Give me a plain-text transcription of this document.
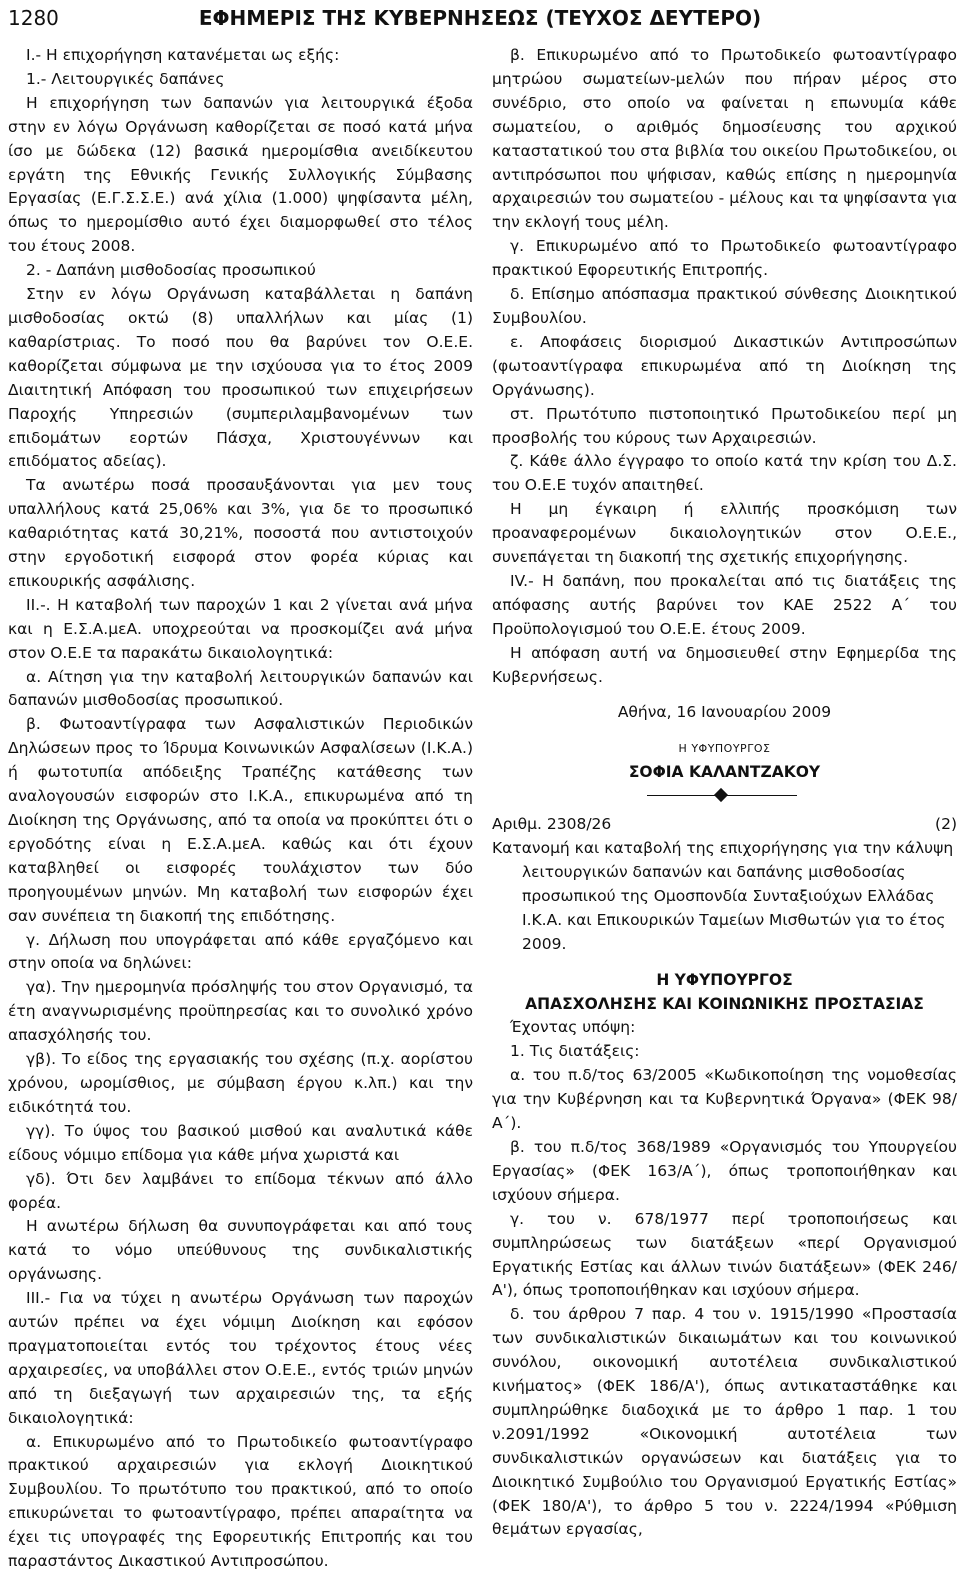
1280	ΕΦΗΜΕΡΙΣ ΤΗΣ ΚΥΒΕΡΝΗΣΕΩΣ (ΤΕΥΧΟΣ ΔΕΥΤΕΡΟ)

Ι.- Η επιχορήγηση κατανέμεται ως εξής:

1.- Λειτουργικές δαπάνες

Η επιχορήγηση των δαπανών για λειτουργικά έξοδα στην εν λόγω Οργάνωση καθορίζεται σε ποσό κατά μήνα ίσο με δώδεκα (12) βασικά ημερομίσθια ανειδίκευτου εργάτη της Εθνικής Γενικής Συλλογικής Σύμβασης Εργασίας (Ε.Γ.Σ.Σ.Ε.) ανά χίλια (1.000) ψηφίσαντα μέλη, όπως το ημερομίσθιο αυτό έχει διαμορφωθεί στο τέλος του έτους 2008.

2. - Δαπάνη μισθοδοσίας προσωπικού

Στην εν λόγω Οργάνωση καταβάλλεται η δαπάνη μισθοδοσίας οκτώ (8) υπαλλήλων και μίας (1) καθαρίστριας. Το ποσό που θα βαρύνει τον Ο.Ε.Ε. καθορίζεται σύμφωνα με την ισχύουσα για το έτος 2009 Διαιτητική Απόφαση του προσωπικού των επιχειρήσεων Παροχής Υπηρεσιών (συμπεριλαμβανομένων των επιδομάτων εορτών Πάσχα, Χριστουγέννων και επιδόματος αδείας).

Τα ανωτέρω ποσά προσαυξάνονται για μεν τους υπαλλήλους κατά 25,06% και 3%, για δε το προσωπικό καθαριότητας κατά 30,21%, ποσοστά που αντιστοιχούν στην εργοδοτική εισφορά στον φορέα κύριας και επικουρικής ασφάλισης.

ΙΙ.-. Η καταβολή των παροχών 1 και 2 γίνεται ανά μήνα και η Ε.Σ.Α.μεΑ. υποχρεούται να προσκομίζει ανά μήνα στον Ο.Ε.Ε τα παρακάτω δικαιολογητικά:

α. Αίτηση για την καταβολή λειτουργικών δαπανών και δαπανών μισθοδοσίας προσωπικού.

β. Φωτοαντίγραφα των Ασφαλιστικών Περιοδικών Δηλώσεων προς το Ίδρυμα Κοινωνικών Ασφαλίσεων (Ι.Κ.Α.) ή φωτοτυπία απόδειξης Τραπέζης κατάθεσης των αναλογουσών εισφορών στο Ι.Κ.Α., επικυρωμένα από τη Διοίκηση της Οργάνωσης, από τα οποία να προκύπτει ότι ο εργοδότης είναι η Ε.Σ.Α.μεΑ. καθώς και ότι έχουν καταβληθεί οι εισφορές τουλάχιστον των δύο προηγουμένων μηνών. Μη καταβολή των εισφορών έχει σαν συνέπεια τη διακοπή της επιδότησης.

γ. Δήλωση που υπογράφεται από κάθε εργαζόμενο και στην οποία να δηλώνει:

γα). Την ημερομηνία πρόσληψής του στον Οργανισμό, τα έτη αναγνωρισμένης προϋπηρεσίας και το συνολικό χρόνο απασχόλησής του.

γβ). Το είδος της εργασιακής του σχέσης (π.χ. αορίστου χρόνου, ωρομίσθιος, με σύμβαση έργου κ.λπ.) και την ειδικότητά του.

γγ). Το ύψος του βασικού μισθού και αναλυτικά κάθε είδους νόμιμο επίδομα για κάθε μήνα χωριστά και

γδ). Ότι δεν λαμβάνει το επίδομα τέκνων από άλλο φορέα.

Η ανωτέρω δήλωση θα συνυπογράφεται και από τους κατά το νόμο υπεύθυνους της συνδικαλιστικής οργάνωσης.

ΙΙΙ.- Για να τύχει η ανωτέρω Οργάνωση των παροχών αυτών πρέπει να έχει νόμιμη Διοίκηση και εφόσον πραγματοποιείται εντός του τρέχοντος έτους νέες αρχαιρεσίες, να υποβάλλει στον Ο.Ε.Ε., εντός τριών μηνών από τη διεξαγωγή των αρχαιρεσιών της, τα εξής δικαιολογητικά:

α. Επικυρωμένο από το Πρωτοδικείο φωτοαντίγραφο πρακτικού αρχαιρεσιών για εκλογή Διοικητικού Συμβουλίου. Το πρωτότυπο του πρακτικού, από το οποίο επικυρώνεται το φωτοαντίγραφο, πρέπει απαραίτητα να έχει τις υπογραφές της Εφορευτικής Επιτροπής και του παραστάντος Δικαστικού Αντιπροσώπου.

β. Επικυρωμένο από το Πρωτοδικείο φωτοαντίγραφο μητρώου σωματείων-μελών που πήραν μέρος στο συνέδριο, στο οποίο να φαίνεται η επωνυμία κάθε σωματείου, ο αριθμός δημοσίευσης του αρχικού καταστατικού του στα βιβλία του οικείου Πρωτοδικείου, οι αντιπρόσωποι που ψήφισαν, καθώς επίσης η ημερομηνία αρχαιρεσιών του σωματείου - μέλους και τα ψηφίσαντα για την εκλογή τους μέλη.

γ. Επικυρωμένο από το Πρωτοδικείο φωτοαντίγραφο πρακτικού Εφορευτικής Επιτροπής.

δ. Επίσημο απόσπασμα πρακτικού σύνθεσης Διοικητικού Συμβουλίου.

ε. Αποφάσεις διορισμού Δικαστικών Αντιπροσώπων (φωτοαντίγραφα επικυρωμένα από τη Διοίκηση της Οργάνωσης).

στ. Πρωτότυπο πιστοποιητικό Πρωτοδικείου περί μη προσβολής του κύρους των Αρχαιρεσιών.

ζ. Κάθε άλλο έγγραφο το οποίο κατά την κρίση του Δ.Σ. του Ο.Ε.Ε τυχόν απαιτηθεί.

Η μη έγκαιρη ή ελλιπής προσκόμιση των προαναφερομένων δικαιολογητικών στον Ο.Ε.Ε., συνεπάγεται τη διακοπή της σχετικής επιχορήγησης.

ΙV.- Η δαπάνη, που προκαλείται από τις διατάξεις της απόφασης αυτής βαρύνει τον ΚΑΕ 2522 Α΄ του Προϋπολογισμού του Ο.Ε.Ε. έτους 2009.

Η απόφαση αυτή να δημοσιευθεί στην Εφημερίδα της Κυβερνήσεως.

Αθήνα, 16 Ιανουαρίου 2009

Η ΥΦΥΠΟΥΡΓΟΣ

ΣΟΦΙΑ ΚΑΛΑΝΤΖΑΚΟΥ

Αριθμ. 2308/26	(2)

Κατανομή και καταβολή της επιχορήγησης για την κάλυψη λειτουργικών δαπανών και δαπάνης μισθοδοσίας προσωπικού της Ομοσπονδία Συνταξιούχων Ελλάδας Ι.Κ.Α. και Επικουρικών Ταμείων Μισθωτών για το έτος 2009.

Η ΥΦΥΠΟΥΡΓΟΣ

ΑΠΑΣΧΟΛΗΣΗΣ ΚΑΙ ΚΟΙΝΩΝΙΚΗΣ ΠΡΟΣΤΑΣΙΑΣ

Έχοντας υπόψη:

1. Τις διατάξεις:

α. του π.δ/τος 63/2005 «Κωδικοποίηση της νομοθεσίας για την Κυβέρνηση και τα Κυβερνητικά Όργανα» (ΦΕΚ 98/Α΄).

β. του π.δ/τος 368/1989 «Οργανισμός του Υπουργείου Εργασίας» (ΦΕΚ 163/Α΄), όπως τροποποιήθηκαν και ισχύουν σήμερα.

γ. του ν. 678/1977 περί τροποποιήσεως και συμπληρώσεως των διατάξεων «περί Οργανισμού Εργατικής Εστίας και άλλων τινών διατάξεων» (ΦΕΚ 246/Α'), όπως τροποποιήθηκαν και ισχύουν σήμερα.

δ. του άρθρου 7 παρ. 4 του ν. 1915/1990 «Προστασία των συνδικαλιστικών δικαιωμάτων και του κοινωνικού συνόλου, οικονομική αυτοτέλεια συνδικαλιστικού κινήματος» (ΦΕΚ 186/Α'), όπως αντικαταστάθηκε και συμπληρώθηκε διαδοχικά με το άρθρο 1 παρ. 1 του ν.2091/1992 «Οικονομική αυτοτέλεια των συνδικαλιστικών οργανώσεων και διατάξεις για το Διοικητικό Συμβούλιο του Οργανισμού Εργατικής Εστίας» (ΦΕΚ 180/Α'), το άρθρο 5 του ν. 2224/1994 «Ρύθμιση θεμάτων εργασίας,
